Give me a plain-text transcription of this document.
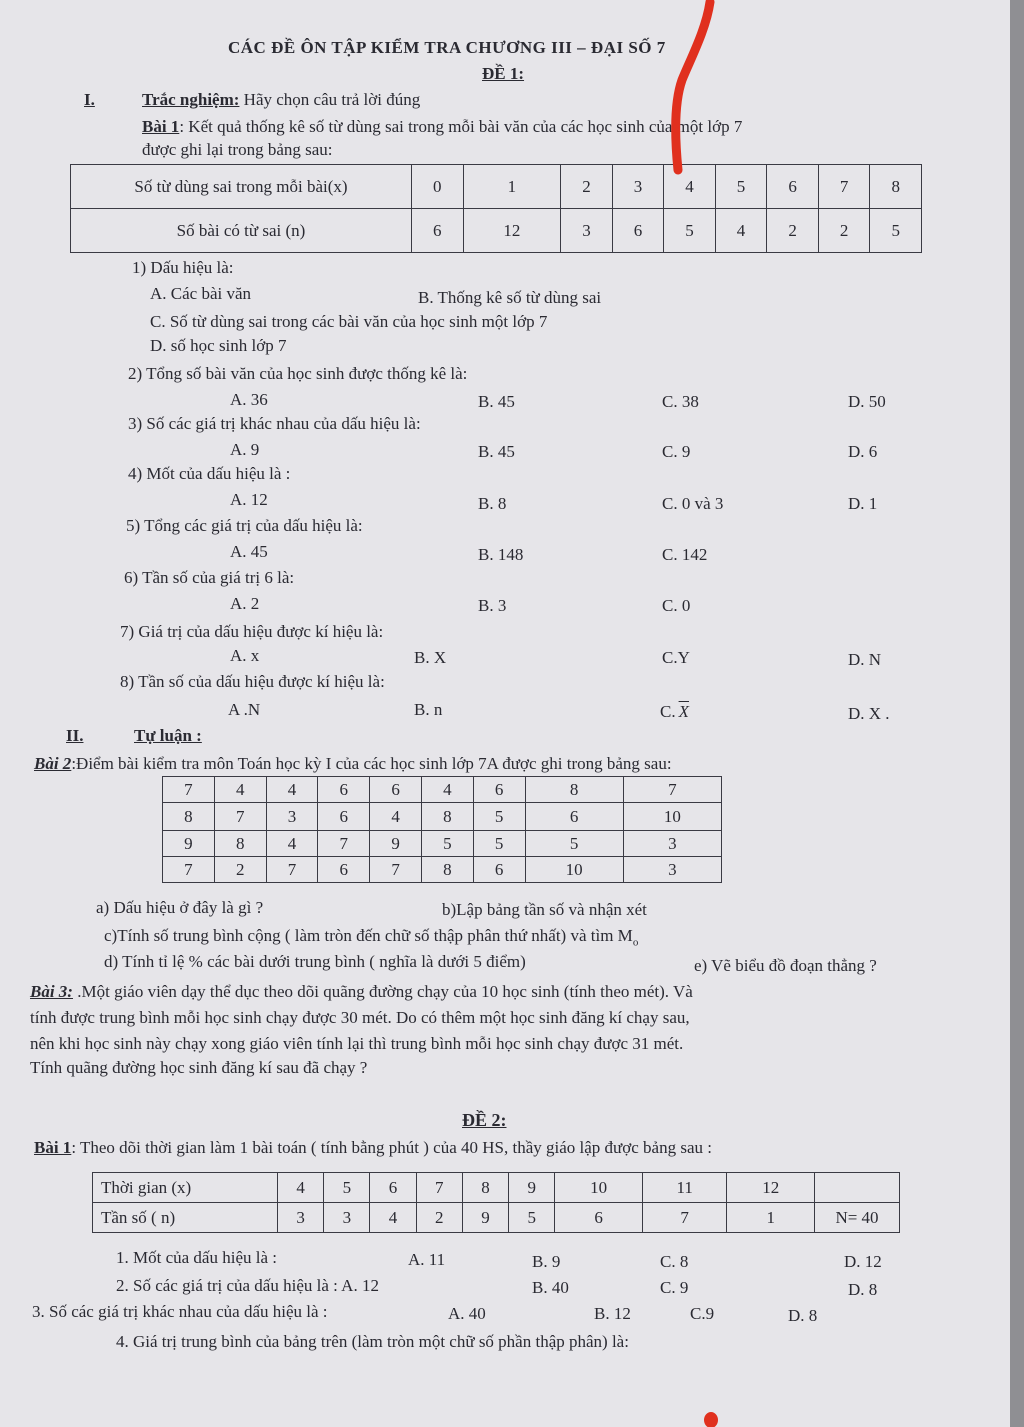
CÁC ĐỀ ÔN TẬP KIỂM TRA CHƯƠNG III – ĐẠI SỐ 7
ĐỀ 1:
I.	Trắc nghiệm: Hãy chọn câu trả lời đúng
Bài 1: Kết quả thống kê số từ dùng sai trong mỗi bài văn của các học sinh của một lớp 7
được ghi lại trong bảng sau:
Số từ dùng sai trong mỗi bài(x)	0	1	2	3	4	5	6	7	8
Số bài có từ sai (n)	6	12	3	6	5	4	2	2	5
1) Dấu hiệu là:
A. Các bài văn	B. Thống kê số từ dùng sai
C. Số từ dùng sai trong các bài văn của học sinh một lớp 7
D. số học sinh lớp 7
2) Tổng số bài văn của học sinh được thống kê là:
A. 36	B. 45	C. 38	D. 50
3) Số các giá trị khác nhau của dấu hiệu là:
A. 9	B. 45	C. 9	D. 6
4) Mốt của dấu hiệu là :
A. 12	B. 8	C. 0 và 3	D. 1
5) Tổng các giá trị của dấu hiệu là:
A. 45	B. 148	C. 142
6) Tần số của giá trị 6 là:
A. 2	B. 3	C. 0
7) Giá trị của dấu hiệu được kí hiệu là:
A. x	B. X	C.Y	D. N
8) Tần số của dấu hiệu được kí hiệu là:
A .N	B. n	C. $\overline{X}$	D. X .
II.	Tự luận :
Bài 2:Điểm bài kiểm tra môn Toán học kỳ I của các học sinh lớp 7A được ghi trong bảng sau:
7	4	4	6	6	4	6	8	7
8	7	3	6	4	8	5	6	10
9	8	4	7	9	5	5	5	3
7	2	7	6	7	8	6	10	3
a) Dấu hiệu ở đây là gì ?	b)Lập bảng tần số và nhận xét
c)Tính số trung bình cộng ( làm tròn đến chữ số thập phân thứ nhất) và tìm $M_o$
d) Tính tỉ lệ % các bài dưới trung bình ( nghĩa là dưới 5 điểm)	e) Vẽ biểu đồ đoạn thẳng ?
Bài 3: .Một giáo viên dạy thể dục theo dõi quãng đường chạy của 10 học sinh (tính theo mét). Và
tính được trung bình mỗi học sinh chạy được 30 mét. Do có thêm một học sinh đăng kí chạy sau,
nên khi học sinh này chạy xong giáo viên tính lại thì trung bình mỗi học sinh chạy được 31 mét.
Tính quãng đường học sinh đăng kí sau đã chạy ?
ĐỀ 2:
Bài 1: Theo dõi thời gian làm 1 bài toán ( tính bằng phút ) của 40 HS, thầy giáo lập được bảng sau :
Thời gian (x)	4	5	6	7	8	9	10	11	12	
Tần số ( n)	3	3	4	2	9	5	6	7	1	N= 40
1. Mốt của dấu hiệu là :	A. 11	B. 9	C. 8	D. 12
2. Số các giá trị của dấu hiệu là : A. 12	B. 40	C. 9	D. 8
3. Số các giá trị khác nhau của dấu hiệu là :	A. 40	B. 12	C.9	D. 8
4. Giá trị trung bình của bảng trên (làm tròn một chữ số phần thập phân) là:
